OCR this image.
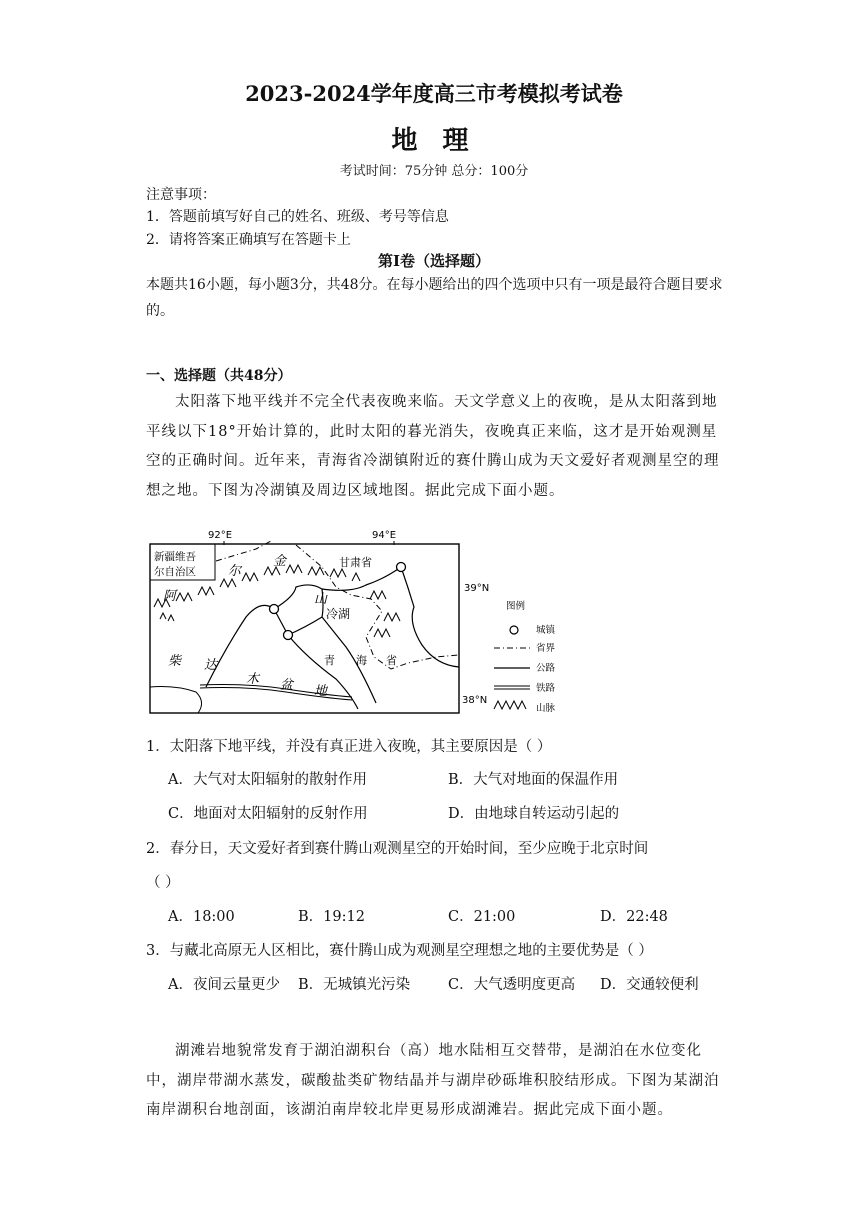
2023-2024学年度高三市考模拟考试卷
地 理
考试时间：75分钟 总分：100分
注意事项：
1．答题前填写好自己的姓名、班级、考号等信息
2．请将答案正确填写在答题卡上
第Ⅰ卷（选择题）
本题共16小题，每小题3分，共48分。在每小题给出的四个选项中只有一项是最符合题目要求的。
一、选择题（共48分）
太阳落下地平线并不完全代表夜晚来临。天文学意义上的夜晚，是从太阳落到地平线以下18°开始计算的，此时太阳的暮光消失，夜晚真正来临，这才是开始观测星空的正确时间。近年来，青海省冷湖镇附近的赛什腾山成为天文爱好者观测星空的理想之地。下图为冷湖镇及周边区域地图。据此完成下面小题。
92°E	94°E
39°N
38°N
新疆维吾
尔自治区
甘肃省
冷湖
青 海 省
阿
尔
金
山
柴 达
木 盆 地
图例
城镇
省界
公路
铁路
山脉
1．太阳落下地平线，并没有真正进入夜晚，其主要原因是（ ）
A．大气对太阳辐射的散射作用	B．大气对地面的保温作用
C．地面对太阳辐射的反射作用	D．由地球自转运动引起的
2．春分日，天文爱好者到赛什腾山观测星空的开始时间，至少应晚于北京时间
（ ）
A．18:00	B．19:12	C．21:00	D．22:48
3．与藏北高原无人区相比，赛什腾山成为观测星空理想之地的主要优势是（ ）
A．夜间云量更少 B．无城镇光污染	C．大气透明度更高 D．交通较便利
湖滩岩地貌常发育于湖泊湖积台（高）地水陆相互交替带，是湖泊在水位变化中，湖岸带湖水蒸发，碳酸盐类矿物结晶并与湖岸砂砾堆积胶结形成。下图为某湖泊南岸湖积台地剖面，该湖泊南岸较北岸更易形成湖滩岩。据此完成下面小题。
